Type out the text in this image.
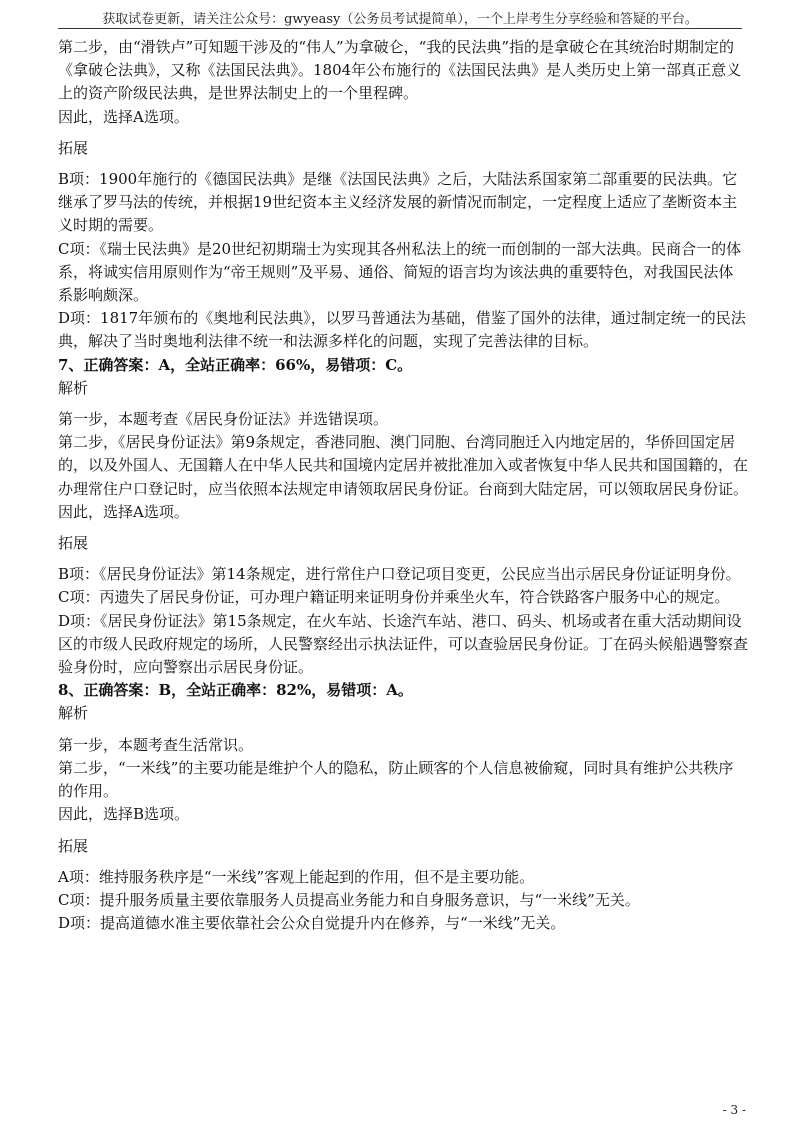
获取试卷更新，请关注公众号：gwyeasy（公务员考试提简单），一个上岸考生分享经验和答疑的平台。

第二步，由“滑铁卢”可知题干涉及的“伟人”为拿破仑，“我的民法典”指的是拿破仑在其统治时期制定的《拿破仑法典》，又称《法国民法典》。1804年公布施行的《法国民法典》是人类历史上第一部真正意义上的资产阶级民法典，是世界法制史上的一个里程碑。

因此，选择A选项。

拓展

B项：1900年施行的《德国民法典》是继《法国民法典》之后，大陆法系国家第二部重要的民法典。它继承了罗马法的传统，并根据19世纪资本主义经济发展的新情况而制定，一定程度上适应了垄断资本主义时期的需要。

C项：《瑞士民法典》是20世纪初期瑞士为实现其各州私法上的统一而创制的一部大法典。民商合一的体系，将诚实信用原则作为“帝王规则”及平易、通俗、简短的语言均为该法典的重要特色，对我国民法体系影响颇深。

D项：1817年颁布的《奥地利民法典》，以罗马普通法为基础，借鉴了国外的法律，通过制定统一的民法典，解决了当时奥地利法律不统一和法源多样化的问题，实现了完善法律的目标。

7、正确答案：A，全站正确率：66%，易错项：C。

解析

第一步，本题考查《居民身份证法》并选错误项。

第二步，《居民身份证法》第9条规定，香港同胞、澳门同胞、台湾同胞迁入内地定居的，华侨回国定居的，以及外国人、无国籍人在中华人民共和国境内定居并被批准加入或者恢复中华人民共和国国籍的，在办理常住户口登记时，应当依照本法规定申请领取居民身份证。台商到大陆定居，可以领取居民身份证。

因此，选择A选项。

拓展

B项：《居民身份证法》第14条规定，进行常住户口登记项目变更，公民应当出示居民身份证证明身份。

C项：丙遗失了居民身份证，可办理户籍证明来证明身份并乘坐火车，符合铁路客户服务中心的规定。

D项：《居民身份证法》第15条规定，在火车站、长途汽车站、港口、码头、机场或者在重大活动期间设区的市级人民政府规定的场所，人民警察经出示执法证件，可以查验居民身份证。丁在码头候船遇警察查验身份时，应向警察出示居民身份证。

8、正确答案：B，全站正确率：82%，易错项：A。

解析

第一步，本题考查生活常识。

第二步，“一米线”的主要功能是维护个人的隐私，防止顾客的个人信息被偷窥，同时具有维护公共秩序的作用。

因此，选择B选项。

拓展

A项：维持服务秩序是“一米线”客观上能起到的作用，但不是主要功能。

C项：提升服务质量主要依靠服务人员提高业务能力和自身服务意识，与“一米线”无关。

D项：提高道德水准主要依靠社会公众自觉提升内在修养，与“一米线”无关。

- 3 -
